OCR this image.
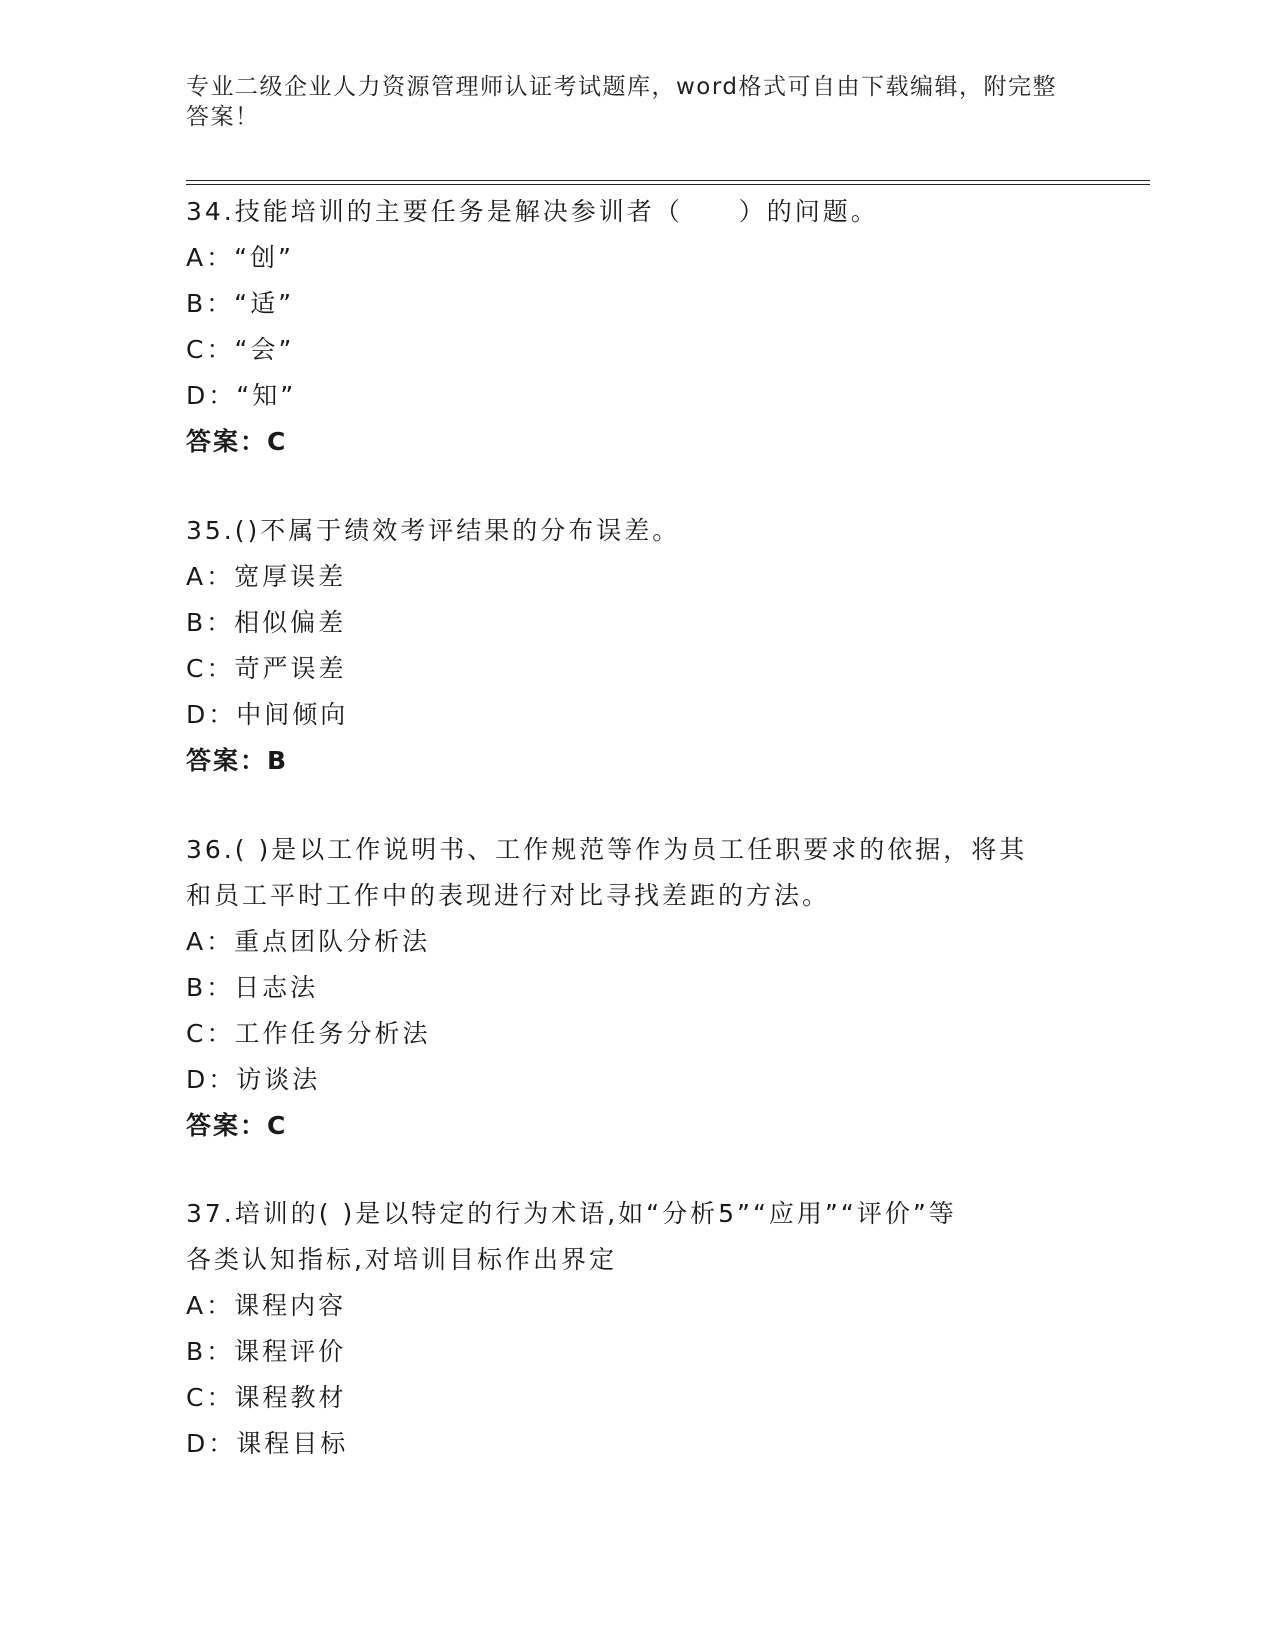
专业二级企业人力资源管理师认证考试题库，word格式可自由下载编辑，附完整
答案！
34.技能培训的主要任务是解决参训者（　　）的问题。
A：“创”
B：“适”
C：“会”
D：“知”
答案：C
35.()不属于绩效考评结果的分布误差。
A：宽厚误差
B：相似偏差
C：苛严误差
D：中间倾向
答案：B
36.( )是以工作说明书、工作规范等作为员工任职要求的依据，将其
和员工平时工作中的表现进行对比寻找差距的方法。
A：重点团队分析法
B：日志法
C：工作任务分析法
D：访谈法
答案：C
37.培训的( )是以特定的行为术语,如“分析5”“应用”“评价”等
各类认知指标,对培训目标作出界定
A：课程内容
B：课程评价
C：课程教材
D：课程目标
